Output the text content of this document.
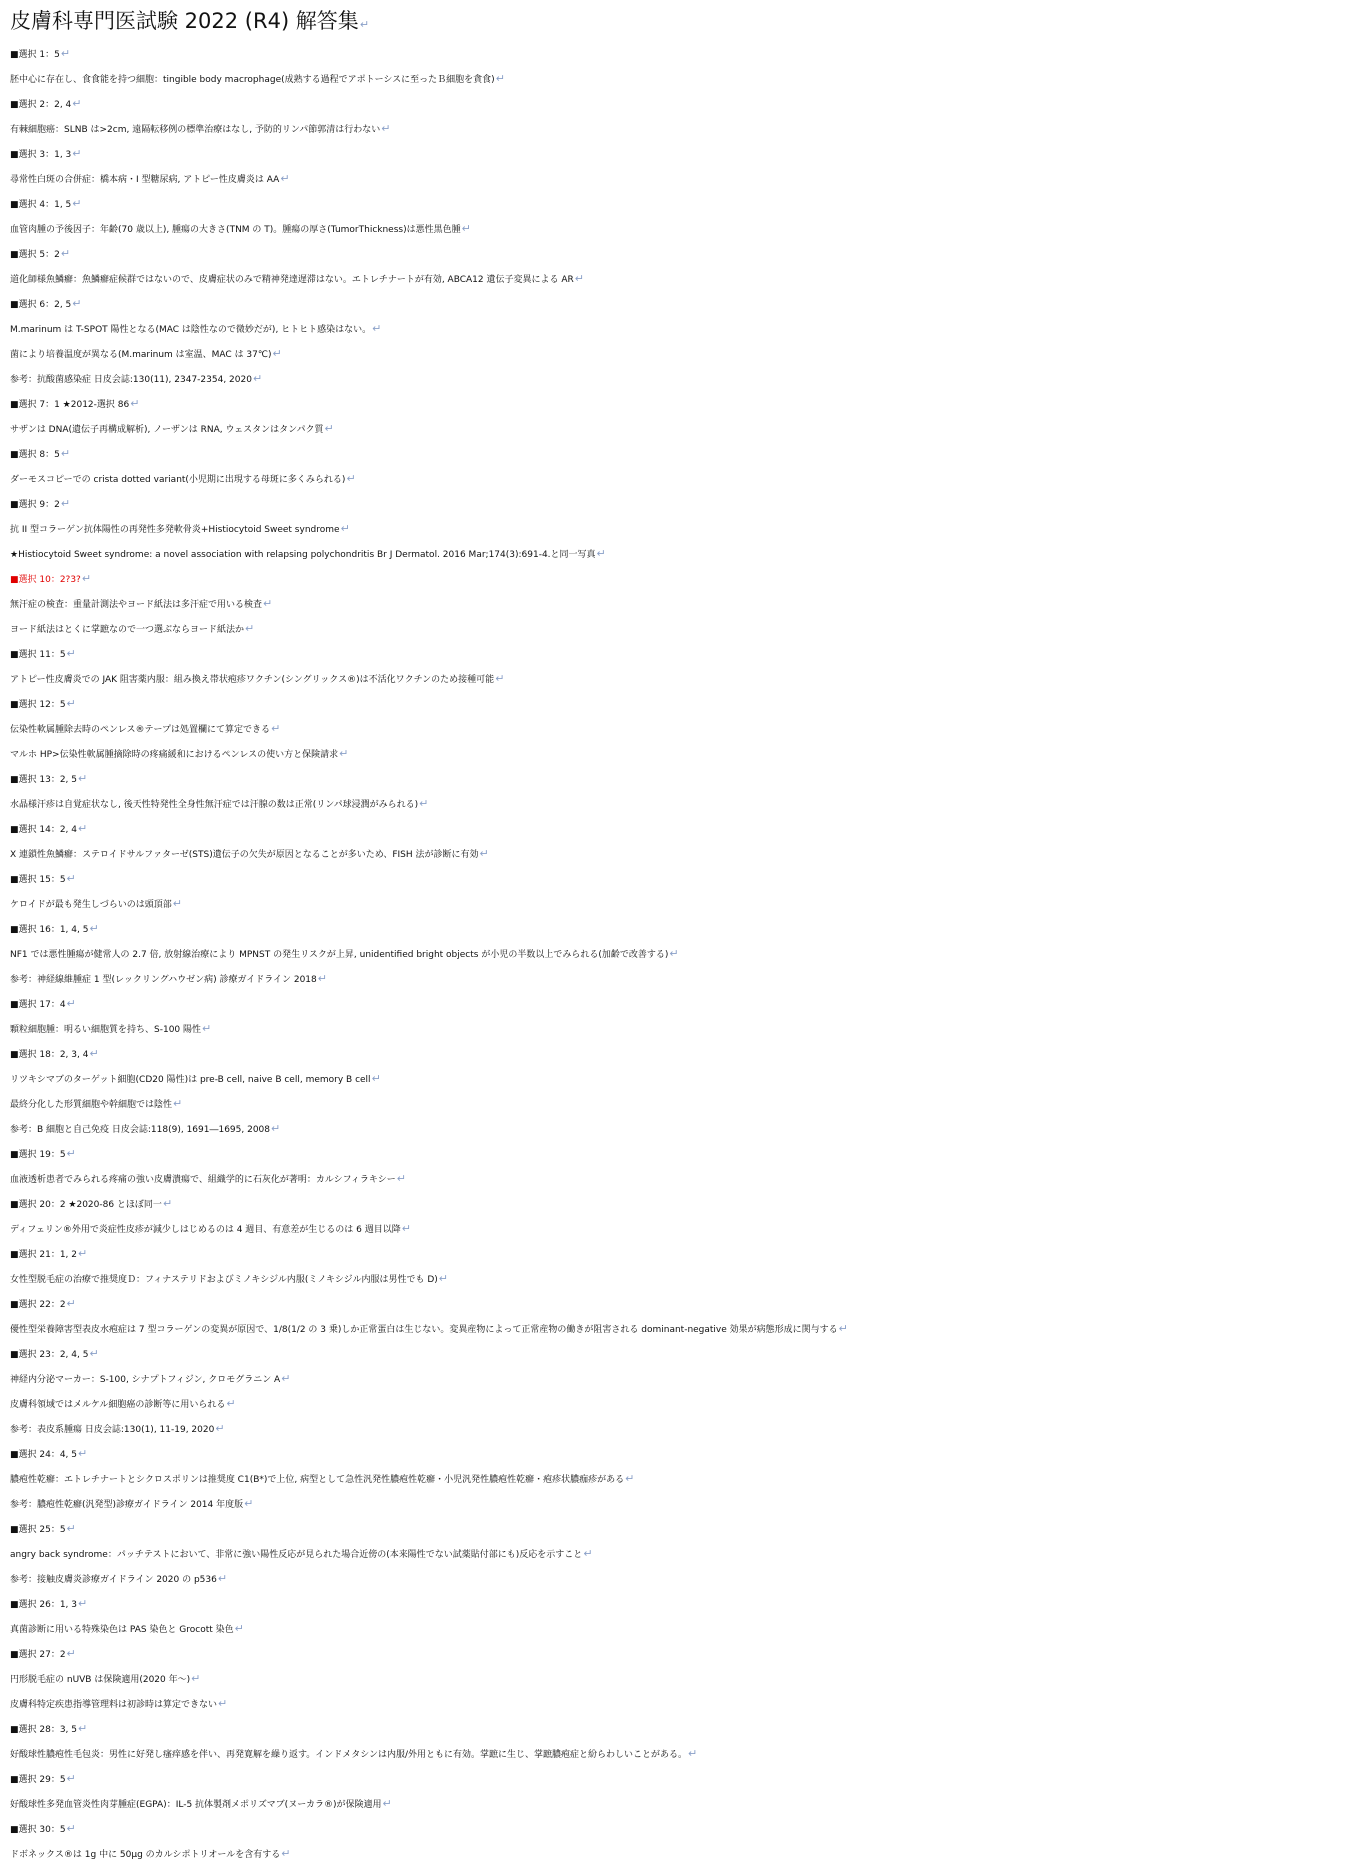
皮膚科専門医試験 2022 (R4) 解答集↵
■選択 1：5↵
胚中心に存在し、食食能を持つ細胞：tingible body macrophage(成熟する過程でアポトーシスに至ったＢ細胞を貪食)↵
■選択 2：2, 4↵
有棘細胞癌：SLNB は>2cm, 遠隔転移例の標準治療はなし, 予防的リンパ節郭清は行わない↵
■選択 3：1, 3↵
尋常性白斑の合併症：橋本病・I 型糖尿病, アトピー性皮膚炎は AA↵
■選択 4：1, 5↵
血管肉腫の予後因子：年齢(70 歳以上), 腫瘍の大きさ(TNM の T)。腫瘍の厚さ(TumorThickness)は悪性黒色腫↵
■選択 5：2↵
道化師様魚鱗癬：魚鱗癬症候群ではないので、皮膚症状のみで精神発達遅滞はない。エトレチナートが有効, ABCA12 遺伝子変異による AR↵
■選択 6：2, 5↵
M.marinum は T-SPOT 陽性となる(MAC は陰性なので微妙だが), ヒトヒト感染はない。↵
菌により培養温度が異なる(M.marinum は室温、MAC は 37℃)↵
参考：抗酸菌感染症 日皮会誌:130(11), 2347-2354, 2020↵
■選択 7：1 ★2012-選択 86↵
サザンは DNA(遺伝子再構成解析), ノーザンは RNA, ウェスタンはタンパク質↵
■選択 8：5↵
ダーモスコピーでの crista dotted variant(小児期に出現する母斑に多くみられる)↵
■選択 9：2↵
抗 II 型コラーゲン抗体陽性の再発性多発軟骨炎+Histiocytoid Sweet syndrome↵
★Histiocytoid Sweet syndrome: a novel association with relapsing polychondritis Br J Dermatol. 2016 Mar;174(3):691-4.と同一写真↵
■選択 10：2?3?↵
無汗症の検査：重量計測法やヨード紙法は多汗症で用いる検査↵
ヨード紙法はとくに掌蹠なので一つ選ぶならヨード紙法か↵
■選択 11：5↵
アトピー性皮膚炎での JAK 阻害薬内服：組み換え帯状疱疹ワクチン(シングリックス®)は不活化ワクチンのため接種可能↵
■選択 12：5↵
伝染性軟属腫除去時のペンレス®テープは処置欄にて算定できる↵
マルホ HP>伝染性軟属腫摘除時の疼痛緩和におけるペンレスの使い方と保険請求↵
■選択 13：2, 5↵
水晶様汗疹は自覚症状なし, 後天性特発性全身性無汗症では汗腺の数は正常(リンパ球浸潤がみられる)↵
■選択 14：2, 4↵
X 連鎖性魚鱗癬：ステロイドサルファターゼ(STS)遺伝子の欠失が原因となることが多いため、FISH 法が診断に有効↵
■選択 15：5↵
ケロイドが最も発生しづらいのは頭頂部↵
■選択 16：1, 4, 5↵
NF1 では悪性腫瘍が健常人の 2.7 倍, 放射線治療により MPNST の発生リスクが上昇, unidentified bright objects が小児の半数以上でみられる(加齢で改善する)↵
参考：神経線維腫症 1 型(レックリングハウゼン病) 診療ガイドライン 2018↵
■選択 17：4↵
顆粒細胞腫：明るい細胞質を持ち、S-100 陽性↵
■選択 18：2, 3, 4↵
リツキシマブのターゲット細胞(CD20 陽性)は pre-B cell, naive B cell, memory B cell↵
最終分化した形質細胞や幹細胞では陰性↵
参考：B 細胞と自己免疫 日皮会誌:118(9), 1691―1695, 2008↵
■選択 19：5↵
血液透析患者でみられる疼痛の強い皮膚潰瘍で、組織学的に石灰化が著明：カルシフィラキシー↵
■選択 20：2 ★2020-86 とほぼ同一↵
ディフェリン®外用で炎症性皮疹が減少しはじめるのは 4 週目、有意差が生じるのは 6 週目以降↵
■選択 21：1, 2↵
女性型脱毛症の治療で推奨度Ｄ：フィナステリドおよびミノキシジル内服(ミノキシジル内服は男性でも D)↵
■選択 22：2↵
優性型栄養障害型表皮水疱症は 7 型コラーゲンの変異が原因で、1/8(1/2 の 3 乗)しか正常蛋白は生じない。変異産物によって正常産物の働きが阻害される dominant-negative 効果が病態形成に関与する↵
■選択 23：2, 4, 5↵
神経内分泌マーカー：S-100, シナプトフィジン, クロモグラニン A↵
皮膚科領域ではメルケル細胞癌の診断等に用いられる↵
参考：表皮系腫瘍 日皮会誌:130(1), 11-19, 2020↵
■選択 24：4, 5↵
膿疱性乾癬：エトレチナートとシクロスポリンは推奨度 C1(B*)で上位, 病型として急性汎発性膿疱性乾癬・小児汎発性膿疱性乾癬・疱疹状膿痂疹がある↵
参考：膿疱性乾癬(汎発型)診療ガイドライン 2014 年度版↵
■選択 25：5↵
angry back syndrome：パッチテストにおいて、非常に強い陽性反応が見られた場合近傍の(本来陽性でない試薬貼付部にも)反応を示すこと↵
参考：接触皮膚炎診療ガイドライン 2020 の p536↵
■選択 26：1, 3↵
真菌診断に用いる特殊染色は PAS 染色と Grocott 染色↵
■選択 27：2↵
円形脱毛症の nUVB は保険適用(2020 年〜)↵
皮膚科特定疾患指導管理料は初診時は算定できない↵
■選択 28：3, 5↵
好酸球性膿疱性毛包炎：男性に好発し瘙痒感を伴い、再発寛解を繰り返す。インドメタシンは内服/外用ともに有効。掌蹠に生じ、掌蹠膿疱症と紛らわしいことがある。↵
■選択 29：5↵
好酸球性多発血管炎性肉芽腫症(EGPA)：IL-5 抗体製剤メポリズマブ(ヌーカラ®)が保険適用↵
■選択 30：5↵
ドボネックス®は 1g 中に 50μg のカルシポトリオールを含有する↵
